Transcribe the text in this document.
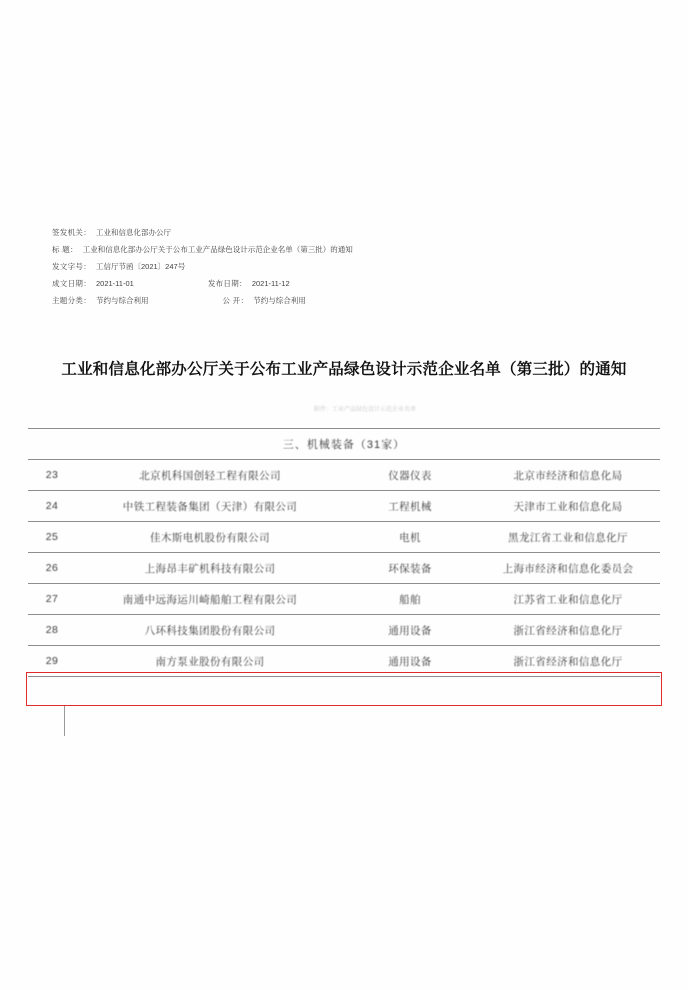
签发机关： 工业和信息化部办公厅
标 题： 工业和信息化部办公厅关于公布工业产品绿色设计示范企业名单（第三批）的通知
发文字号： 工信厅节函〔2021〕247号
成文日期： 2021-11-01	发布日期： 2021-11-12
主题分类： 节约与综合利用	公 开： 节约与综合利用
工业和信息化部办公厅关于公布工业产品绿色设计示范企业名单（第三批）的通知
附件：工业产品绿色设计示范企业名单
三、机械装备（31家）			
23	北京机科国创轻工程有限公司	仪器仪表	北京市经济和信息化局
24	中铁工程装备集团（天津）有限公司	工程机械	天津市工业和信息化局
25	佳木斯电机股份有限公司	电机	黑龙江省工业和信息化厅
26	上海昂丰矿机科技有限公司	环保装备	上海市经济和信息化委员会
27	南通中远海运川崎船舶工程有限公司	船舶	江苏省工业和信息化厅
28	八环科技集团股份有限公司	通用设备	浙江省经济和信息化厅
29	南方泵业股份有限公司	通用设备	浙江省经济和信息化厅
